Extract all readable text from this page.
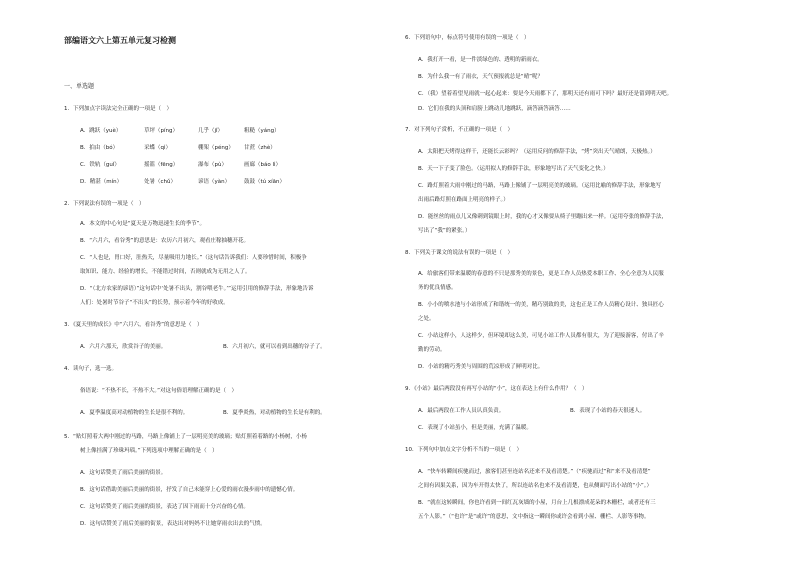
部编语文六上第五单元复习检测
一、单选题
1．下列加点字读法完全正确的一项是（　）
A．跳跃（yuè）	草坪（píng）	几乎（jǐ）	粗糙（yáng）
B．拍由（bó）	采蝶（qì）	棚架（péng） 甘蔗（zhè）
C．铁轨（guǐ）	摇篮（fēng）	瀑布（pù）	画廊（báo lì）
D．精湛（mín）	处暑（chǔ）	谚语（yàn）	鼓鼓（tú xíān）
2．下列说法有误的一项是（　）
A．本文的中心句是“夏天是万物迅速生长的季节”。
B．“六月六，看谷秀”的意思是：农历六月初六，观看庄稼抽穗开花。
C．“人也是，胃口好，肚热夭，尽量吸用力地长。”（这句话告诉我们：人要珍惜时间，积极争
取知识、能力、经验的增长，不能错过时间，否则就成为无用之人了。
D．“（北方农家的谚语）”这句话中‘处暑不出头，割谷喂老牛。’”运用引用的修辞手法，形象地告诉
人们：处暑时节谷子“不出头”的长势，预示着今年的好收成。
3．《夏天里的成长》中“六月六，看谷秀”的意思是（　）
A．六月六那天，欣赏谷子的美丽。	B．六月初六，就可以看到出穗的谷子了。
4．读句子，选一选。
俗语说：“不热不长，不热不大。”对这句俗语理解正确的是（　）
A．夏季温度高对动植物的生长是很不利的。	B．夏季炎热，对动植物的生长是有利的。
5．“贴灯照着大两中刚过的马路，马路上像铺上了一层明亮美的玻璃；贴灯照着着路的小杨树，小杨
树上像挂满了珍珠玛瑙。”下列选项中理解正确的是（　）
A．这句话赞美了雨后美丽的街景。
B．这句话借助美丽后美丽的街景，抒发了自己未能穿上心爱的雨衣漫步雨中的遗憾心情。
C．这句话赞美了雨后美丽的街景，表达了因下雨而十分兴奋的心情。
D．这句话赞美了雨后美丽的街景，表达出对妈妈不让她穿雨衣出去的气愤。
6．下列语句中，标点符号使用有误的一项是（　）
A．我打开一看，是一件淡绿色的、透明的新雨衣。
B．为什么我一有了雨衣，天气预报就总是“晴”呢？
C．（我）望着着望见雨就一起心起来：要是今天雨都下了，那明天还有雨可下吗？最好还是留到明天吧。
D．它们在我的头顶和肩膀上跳动儿地跳跃，滴答滴答滴答……
7．对下列句子赏析，不正确的一项是（　）
A．太阳把天烤得这样干，还能长云彩吗？（运用反问的修辞手法，“烤”突出天气晴朗，天极热。）
B．天一下子变了脸色。（运用拟人的修辞手法，形象地写出了天气变化之快。）
C．路灯照着大雨中刚过的马路，马路上像铺了一层明亮美的玻璃。（运用比喻的修辞手法，形象地写
出雨后路灯照在路面上明亮的样子。）
D．能丝丝的雨点儿又像刺到镜眼上时，我的心才又像要从椅子里蹦出来一样。（运用夸张的修辞手法，
写出了“我”的紧张。）
8．下列关于课文的说法有误的一项是（　）
A．给旅客们带来温暖的春意的不只是那秀美的景色，更是工作人员热爱本职工作、全心全意为人民服
务的优良情感。
B．小小的喷水池与小站形成了和谐统一的美，精巧别致的美，这也正是工作人员精心设计、独具匠心
之处。
C．小站这样小，人这样少，但环境却这么美，可见小站工作人员都有很大，为了迎接游客，付出了辛
勤的劳动。
D．小站的精巧秀美与周围的荒凉形成了鲜明对比。
9．《小站》最后两段没有再写小站的“小”，这在表达上有什么作用？（　）
A．最后两段在工作人员认真负责。	B．表现了小站的春天很迷人。
C．表现了小站虽小，但是美丽，充满了温暖。
10．下列句中加点文字分析不当的一项是（　）
A．“快车转瞬间疾驰而过，旅客们甚至连站名还来不及看清楚。”（“疾驰而过”和“来不及看清楚”
之间有因果关系，因为车开得太快了，所以连站名也来不及看清楚，也从侧面写出小站的“小”。）
B．“就在这转瞬间，你也许看到一间红瓦灰墙的小屋，月台上几根漂成花朵的木栅栏，或者还有三
五个人影。”（“也许”是“或许”的意思，文中指这一瞬间你或许会看到小屋、栅栏、人影等事物。
